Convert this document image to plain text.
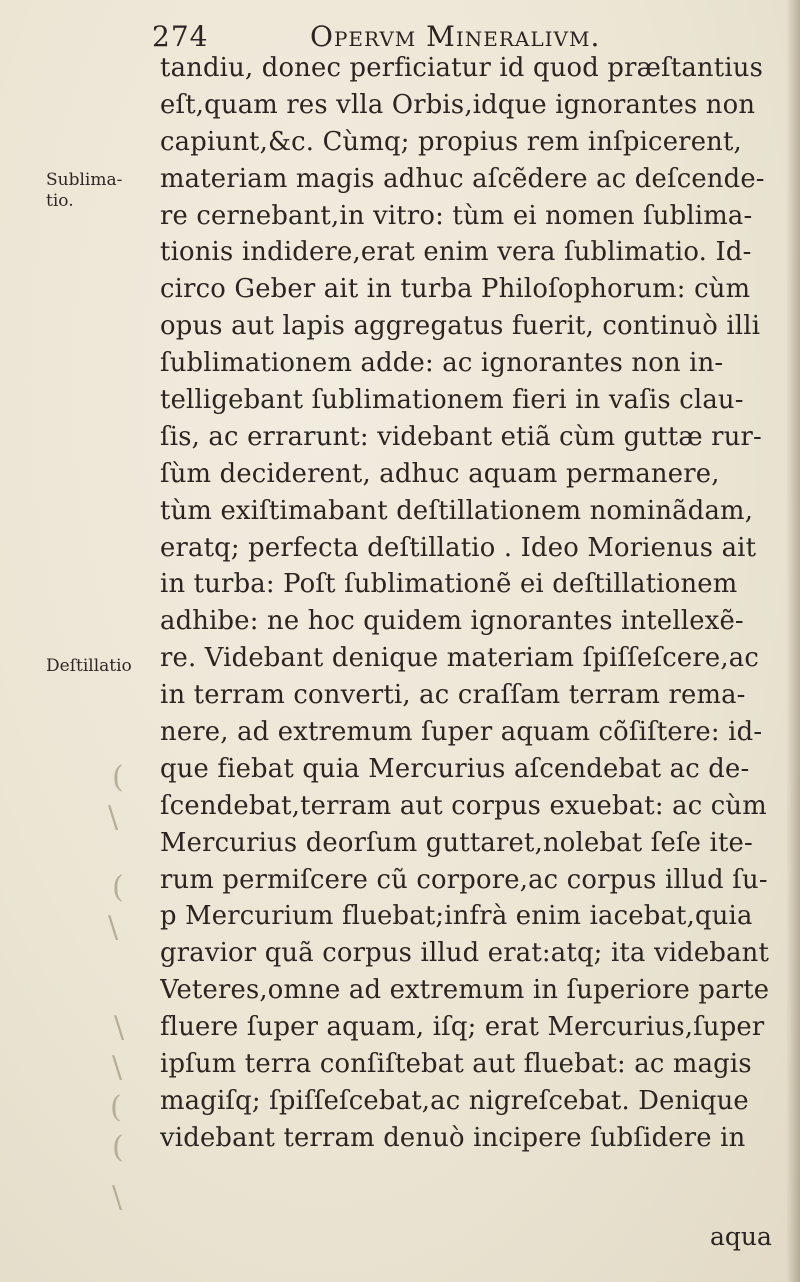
274	Opervm Mineralivm.
Sublima-
tio.
Deſtillatio
(
\
(
\
\
\
(
(
\
tandiu, donec perficiatur id quod præſtantius
eſt,quam res vlla Orbis,idque ignorantes non
capiunt,&c. Cùmq; propius rem inſpicerent,
materiam magis adhuc aſcẽdere ac deſcende-
re cernebant,in vitro: tùm ei nomen ſublima-
tionis indidere,erat enim vera ſublimatio. Id-
circo Geber ait in turba Philoſophorum: cùm
opus aut lapis aggregatus fuerit, continuò illi
ſublimationem adde: ac ignorantes non in-
telligebant ſublimationem fieri in vaſis clau-
ſis, ac errarunt: videbant etiã cùm guttæ rur-
ſùm deciderent, adhuc aquam permanere,
tùm exiſtimabant deſtillationem nominãdam,
eratq; perfecta deſtillatio . Ideo Morienus ait
in turba: Poſt ſublimationẽ ei deſtillationem
adhibe: ne hoc quidem ignorantes intellexẽ-
re. Videbant denique materiam ſpiſſeſcere,ac
in terram converti, ac craſſam terram rema-
nere, ad extremum ſuper aquam cõſiſtere: id-
que fiebat quia Mercurius aſcendebat ac de-
ſcendebat,terram aut corpus exuebat: ac cùm
Mercurius deorſum guttaret,nolebat ſeſe ite-
rum permiſcere cũ corpore,ac corpus illud ſu-
p Mercurium fluebat;infrà enim iacebat,quia
gravior quã corpus illud erat:atq; ita videbant
Veteres,omne ad extremum in ſuperiore parte
fluere ſuper aquam, iſq; erat Mercurius,ſuper
ipſum terra conſiſtebat aut fluebat: ac magis
magiſq; ſpiſſeſcebat,ac nigreſcebat. Denique
videbant terram denuò incipere ſubſidere in
aqua
